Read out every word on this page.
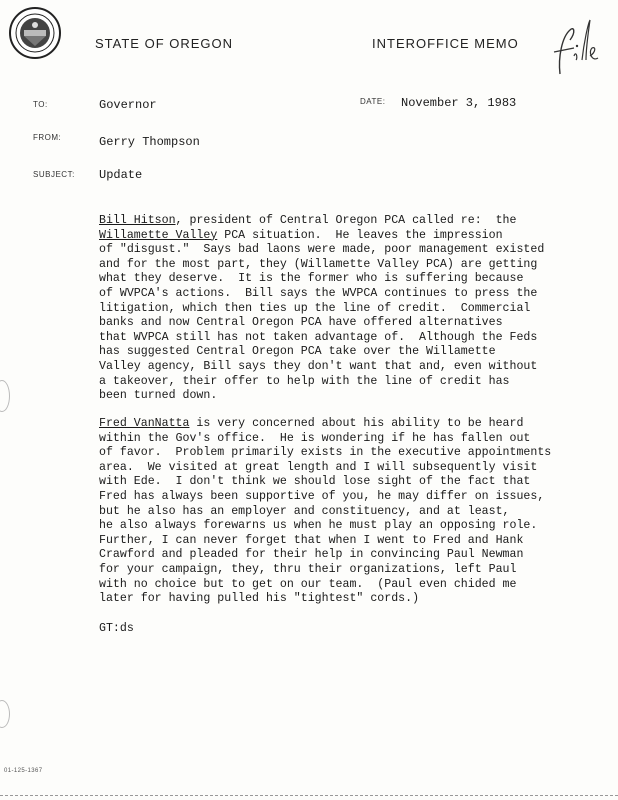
STATE OF OREGON	INTEROFFICE MEMO
TO:	Governor	DATE: November 3, 1983
FROM:	Gerry Thompson
SUBJECT: Update
Bill Hitson, president of Central Oregon PCA called re:  the
Willamette Valley PCA situation.  He leaves the impression
of "disgust."  Says bad laons were made, poor management existed
and for the most part, they (Willamette Valley PCA) are getting
what they deserve.  It is the former who is suffering because
of WVPCA's actions.  Bill says the WVPCA continues to press the
litigation, which then ties up the line of credit.  Commercial
banks and now Central Oregon PCA have offered alternatives
that WVPCA still has not taken advantage of.  Although the Feds
has suggested Central Oregon PCA take over the Willamette
Valley agency, Bill says they don't want that and, even without
a takeover, their offer to help with the line of credit has
been turned down.
Fred VanNatta is very concerned about his ability to be heard
within the Gov's office.  He is wondering if he has fallen out
of favor.  Problem primarily exists in the executive appointments
area.  We visited at great length and I will subsequently visit
with Ede.  I don't think we should lose sight of the fact that
Fred has always been supportive of you, he may differ on issues,
but he also has an employer and constituency, and at least,
he also always forewarns us when he must play an opposing role.
Further, I can never forget that when I went to Fred and Hank
Crawford and pleaded for their help in convincing Paul Newman
for your campaign, they, thru their organizations, left Paul
with no choice but to get on our team.  (Paul even chided me
later for having pulled his "tightest" cords.)
GT:ds
01-125-1367
